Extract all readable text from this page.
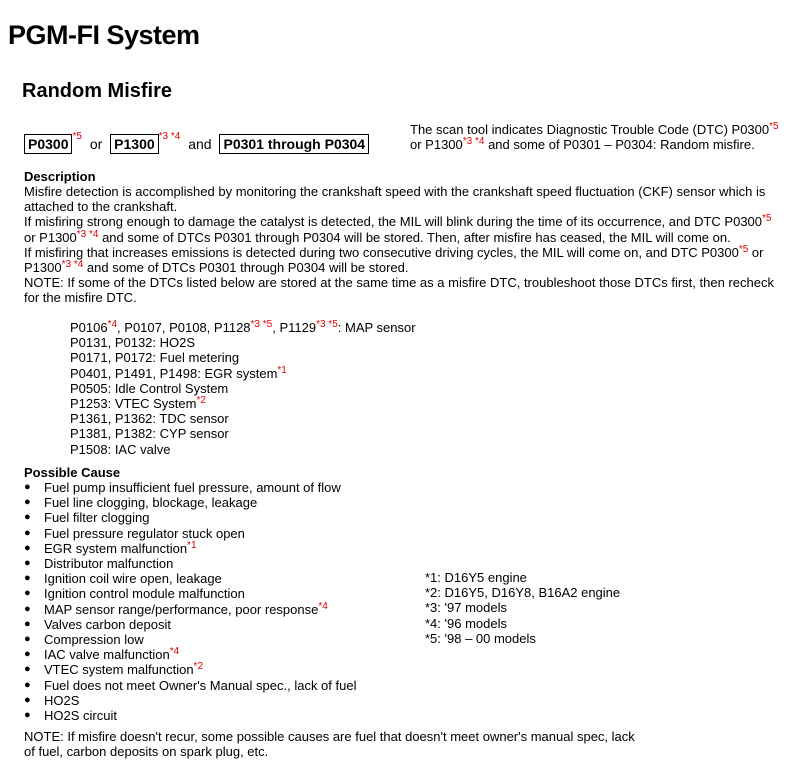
PGM-FI System
Random Misfire
P0300 $^{*5}$ or P1300 $^{*3 *4}$ and P0301 through P0304
The scan tool indicates Diagnostic Trouble Code (DTC) P0300$^{*5}$ or $P1300^{*3 *4}$ and some of P0301 – P0304: Random misfire.
Description

Misfire detection is accomplished by monitoring the crankshaft speed with the crankshaft speed fluctuation (CKF) sensor which is attached to the crankshaft.

If misfiring strong enough to damage the catalyst is detected, the MIL will blink during the time of its occurrence, and DTC P0300$^{*5}$ or $P1300^{*3 *4}$ and some of DTCs P0301 through P0304 will be stored. Then, after misfire has ceased, the MIL will come on.

If misfiring that increases emissions is detected during two consecutive driving cycles, the MIL will come on, and DTC P0300$^{*5}$ or $P1300^{*3 *4}$ and some of DTCs P0301 through P0304 will be stored.

NOTE: If some of the DTCs listed below are stored at the same time as a misfire DTC, troubleshoot those DTCs first, then recheck for the misfire DTC.

P0106$^{*4}$, P0107, P0108, $P1128^{*3 *5}$, $P1129^{*3 *5}$: MAP sensor
P0131, P0132: HO2S
P0171, P0172: Fuel metering
P0401, P1491, P1498: EGR system$^{*1}$
P0505: Idle Control System
P1253: VTEC System$^{*2}$
P1361, P1362: TDC sensor
P1381, P1382: CYP sensor
P1508: IAC valve
Possible Cause
● Fuel pump insufficient fuel pressure, amount of flow
● Fuel line clogging, blockage, leakage
● Fuel filter clogging
● Fuel pressure regulator stuck open
● EGR system malfunction$^{*1}$
● Distributor malfunction
● Ignition coil wire open, leakage
● Ignition control module malfunction
● MAP sensor range/performance, poor response$^{*4}$
● Valves carbon deposit
● Compression low
● IAC valve malfunction$^{*4}$
● VTEC system malfunction$^{*2}$
● Fuel does not meet Owner's Manual spec., lack of fuel
● HO2S
● HO2S circuit
*1: D16Y5 engine
*2: D16Y5, D16Y8, B16A2 engine
*3: '97 models
*4: '96 models
*5: '98 – 00 models
NOTE: If misfire doesn't recur, some possible causes are fuel that doesn't meet owner's manual spec, lack of fuel, carbon deposits on spark plug, etc.
